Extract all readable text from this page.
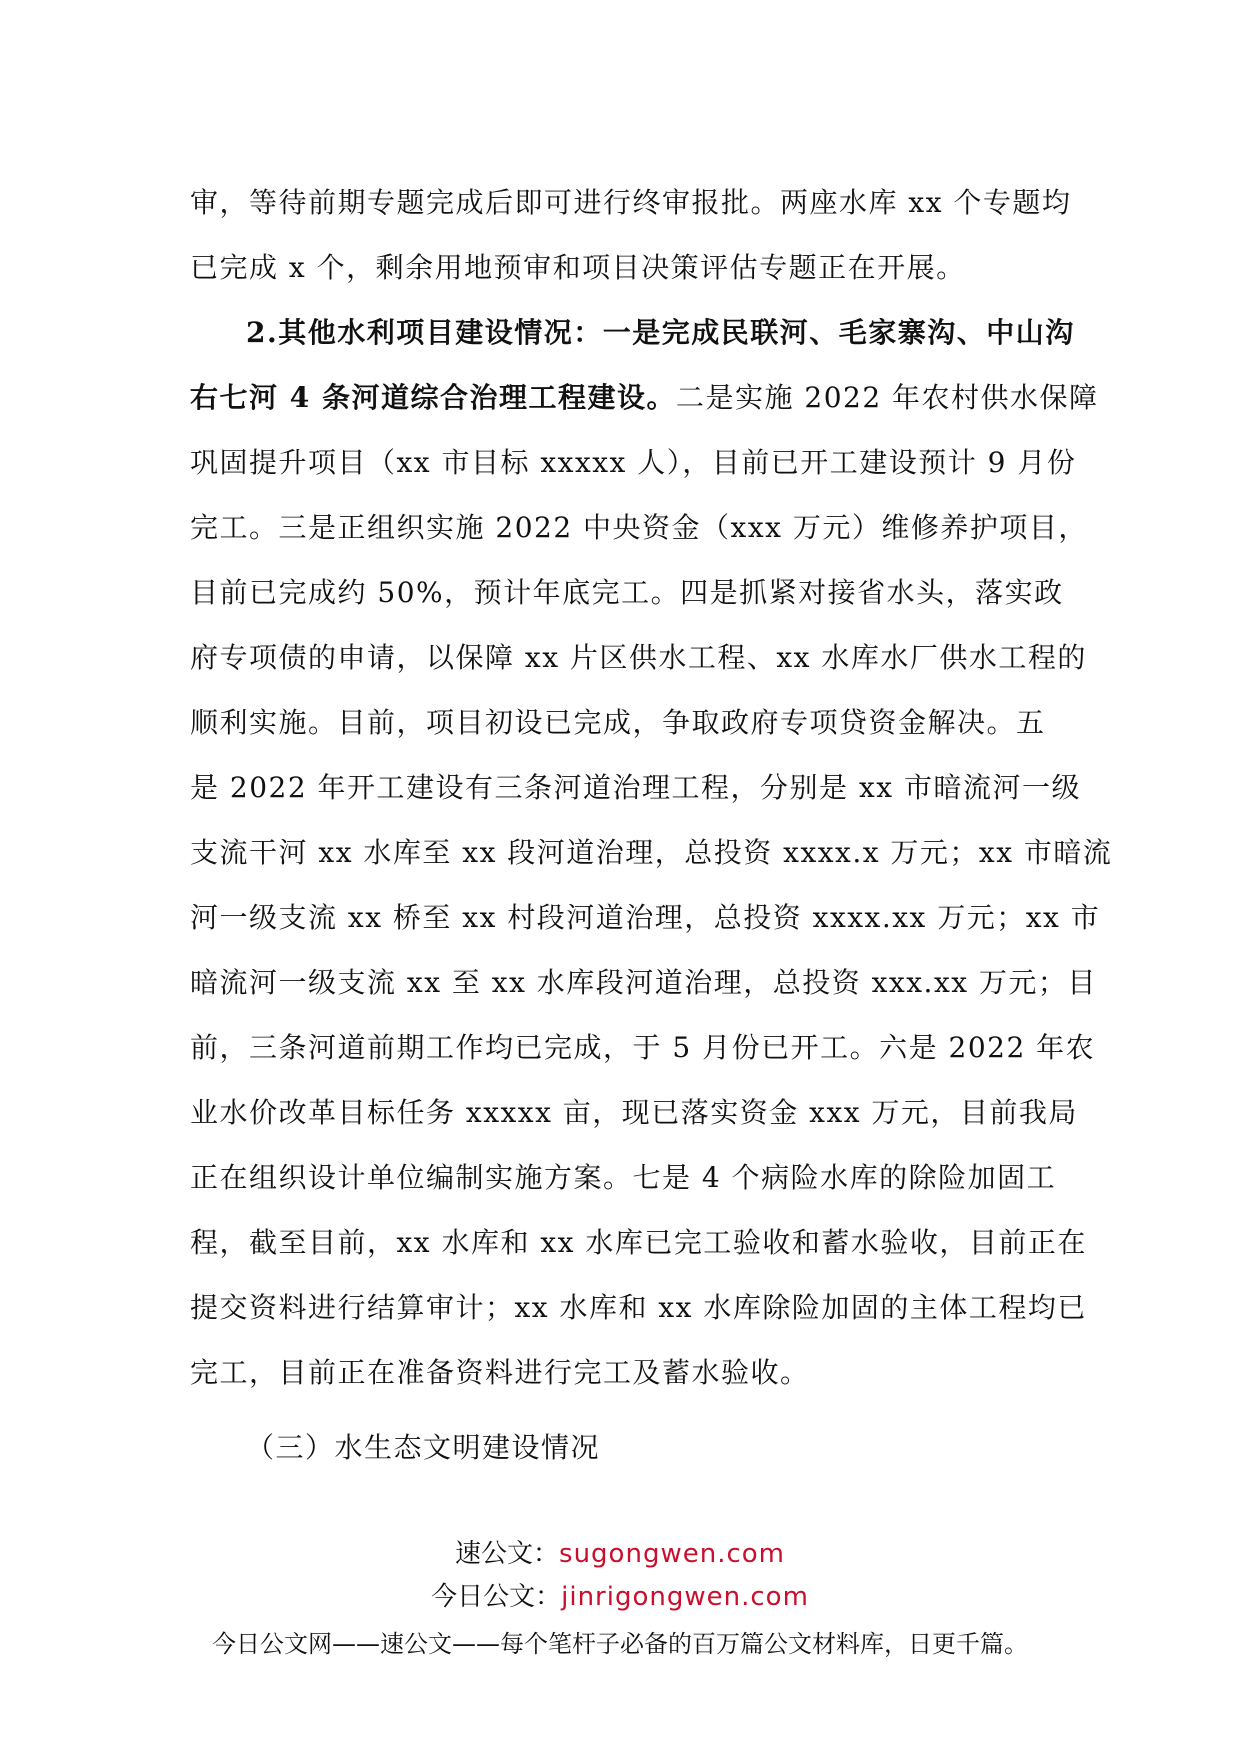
审，等待前期专题完成后即可进行终审报批。两座水库 xx 个专题均
已完成 x 个，剩余用地预审和项目决策评估专题正在开展。
2.其他水利项目建设情况：一是完成民联河、毛家寨沟、中山沟
右七河 4 条河道综合治理工程建设。二是实施 2022 年农村供水保障
巩固提升项目（xx 市目标 xxxxx 人），目前已开工建设预计 9 月份
完工。三是正组织实施 2022 中央资金（xxx 万元）维修养护项目，
目前已完成约 50%，预计年底完工。四是抓紧对接省水头，落实政
府专项债的申请，以保障 xx 片区供水工程、xx 水库水厂供水工程的
顺利实施。目前，项目初设已完成，争取政府专项贷资金解决。五
是 2022 年开工建设有三条河道治理工程，分别是 xx 市暗流河一级
支流干河 xx 水库至 xx 段河道治理，总投资 xxxx.x 万元；xx 市暗流
河一级支流 xx 桥至 xx 村段河道治理，总投资 xxxx.xx 万元；xx 市
暗流河一级支流 xx 至 xx 水库段河道治理，总投资 xxx.xx 万元；目
前，三条河道前期工作均已完成，于 5 月份已开工。六是 2022 年农
业水价改革目标任务 xxxxx 亩，现已落实资金 xxx 万元，目前我局
正在组织设计单位编制实施方案。七是 4 个病险水库的除险加固工
程，截至目前，xx 水库和 xx 水库已完工验收和蓄水验收，目前正在
提交资料进行结算审计；xx 水库和 xx 水库除险加固的主体工程均已
完工，目前正在准备资料进行完工及蓄水验收。
（三）水生态文明建设情况
速公文：sugongwen.com
今日公文：jinrigongwen.com
今日公文网——速公文——每个笔杆子必备的百万篇公文材料库，日更千篇。
